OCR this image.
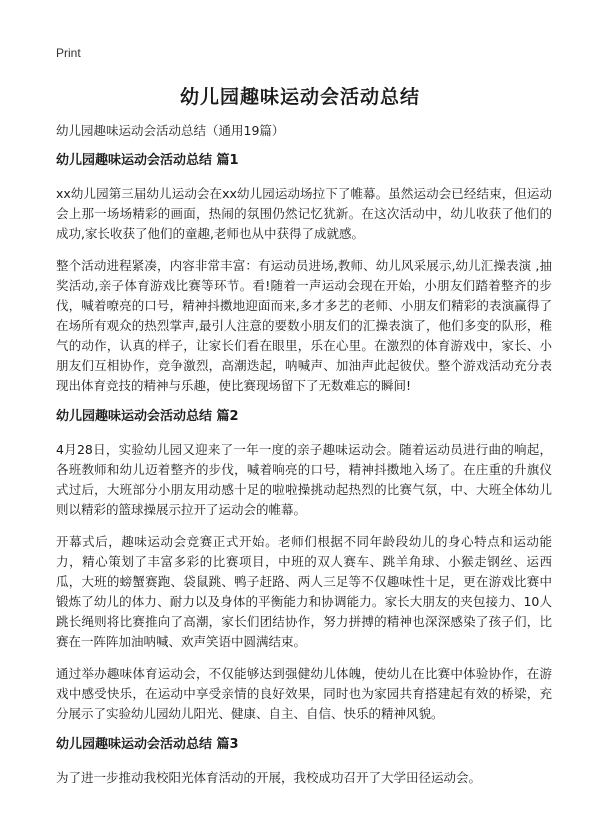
Print
幼儿园趣味运动会活动总结
幼儿园趣味运动会活动总结（通用19篇）
幼儿园趣味运动会活动总结 篇1

xx幼儿园第三届幼儿运动会在xx幼儿园运动场拉下了帷幕。虽然运动会已经结束，但运动会上那一场场精彩的画面，热闹的氛围仍然记忆犹新。在这次活动中，幼儿收获了他们的成功,家长收获了他们的童趣,老师也从中获得了成就感。

整个活动进程紧凑，内容非常丰富：有运动员进场,教师、幼儿风采展示,幼儿汇操表演 ,抽奖活动,亲子体育游戏比赛等环节。看!随着一声运动会现在开始，小朋友们踏着整齐的步伐，喊着嘹亮的口号，精神抖擞地迎面而来,多才多艺的老师、小朋友们精彩的表演赢得了在场所有观众的热烈掌声,最引人注意的要数小朋友们的汇操表演了，他们多变的队形，稚气的动作，认真的样子，让家长们看在眼里，乐在心里。在激烈的体育游戏中，家长、小朋友们互相协作，竞争激烈，高潮迭起，呐喊声、加油声此起彼伏。整个游戏活动充分表现出体育竞技的精神与乐趣，使比赛现场留下了无数难忘的瞬间!

幼儿园趣味运动会活动总结 篇2

4月28日，实验幼儿园又迎来了一年一度的亲子趣味运动会。随着运动员进行曲的响起，各班教师和幼儿迈着整齐的步伐，喊着响亮的口号，精神抖擞地入场了。在庄重的升旗仪式过后，大班部分小朋友用动感十足的啦啦操挑动起热烈的比赛气氛，中、大班全体幼儿则以精彩的篮球操展示拉开了运动会的帷幕。

开幕式后，趣味运动会竞赛正式开始。老师们根据不同年龄段幼儿的身心特点和运动能力，精心策划了丰富多彩的比赛项目，中班的双人赛车、跳羊角球、小猴走钢丝、运西瓜，大班的螃蟹赛跑、袋鼠跳、鸭子赶路、两人三足等不仅趣味性十足，更在游戏比赛中锻炼了幼儿的体力、耐力以及身体的平衡能力和协调能力。家长大朋友的夹包接力、10人跳长绳则将比赛推向了高潮，家长们团结协作，努力拼搏的精神也深深感染了孩子们，比赛在一阵阵加油呐喊、欢声笑语中圆满结束。

通过举办趣味体育运动会，不仅能够达到强健幼儿体魄，使幼儿在比赛中体验协作，在游戏中感受快乐，在运动中享受亲情的良好效果，同时也为家园共育搭建起有效的桥梁，充分展示了实验幼儿园幼儿阳光、健康、自主、自信、快乐的精神风貌。

幼儿园趣味运动会活动总结 篇3

为了进一步推动我校阳光体育活动的开展，我校成功召开了大学田径运动会。
